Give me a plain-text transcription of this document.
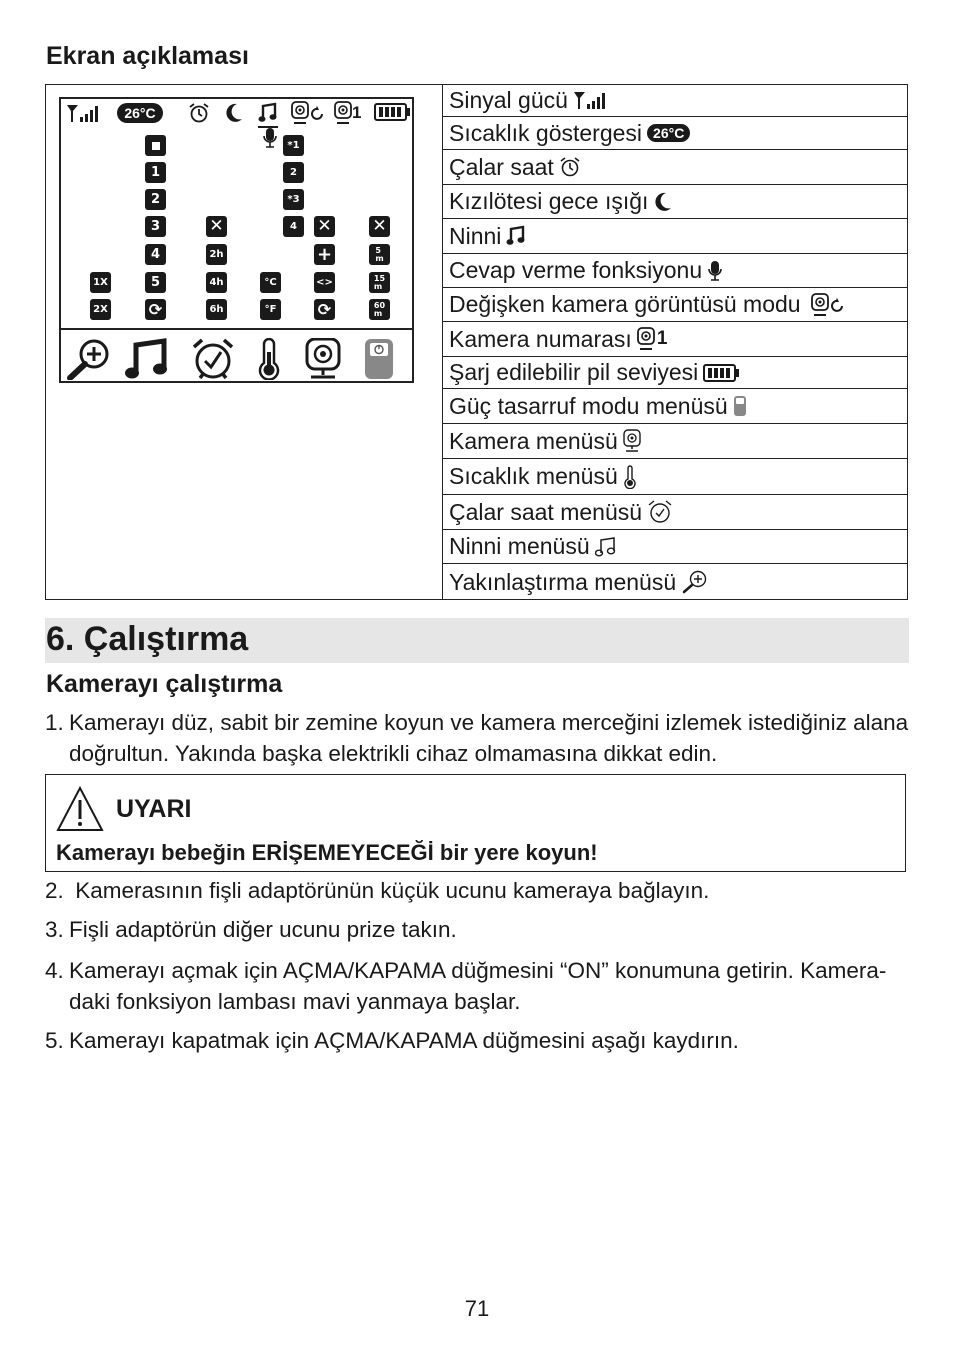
Ekran açıklaması
26°C	1
1
2
3
4
5
⟳
1X
2X
✕
2h
4h
6h
°C
°F
*1
2
*3
4	✕
+
<>
⟳
✕
5
m
15
m
60
m
Sinyal gücü
Sıcaklık göstergesi 26°C
Çalar saat
Kızılötesi gece ışığı
Ninni
Cevap verme fonksiyonu
Değişken kamera görüntüsü modu
Kamera numarası 1
Şarj edilebilir pil seviyesi
Güç tasarruf modu menüsü
Kamera menüsü
Sıcaklık menüsü
Çalar saat menüsü
Ninni menüsü
Yakınlaştırma menüsü
6. Çalıştırma
Kamerayı çalıştırma
1. Kamerayı düz, sabit bir zemine koyun ve kamera merceğini izlemek istediğiniz alana
doğrultun. Yakında başka elektrikli cihaz olmamasına dikkat edin.
UYARI
Kamerayı bebeğin ERİŞEMEYECEĞİ bir yere koyun!
2. Kamerasının fişli adaptörünün küçük ucunu kameraya bağlayın.
3. Fişli adaptörün diğer ucunu prize takın.
4. Kamerayı açmak için AÇMA/KAPAMA düğmesini “ON” konumuna getirin. Kamera-
daki fonksiyon lambası mavi yanmaya başlar.
5. Kamerayı kapatmak için AÇMA/KAPAMA düğmesini aşağı kaydırın.
71
